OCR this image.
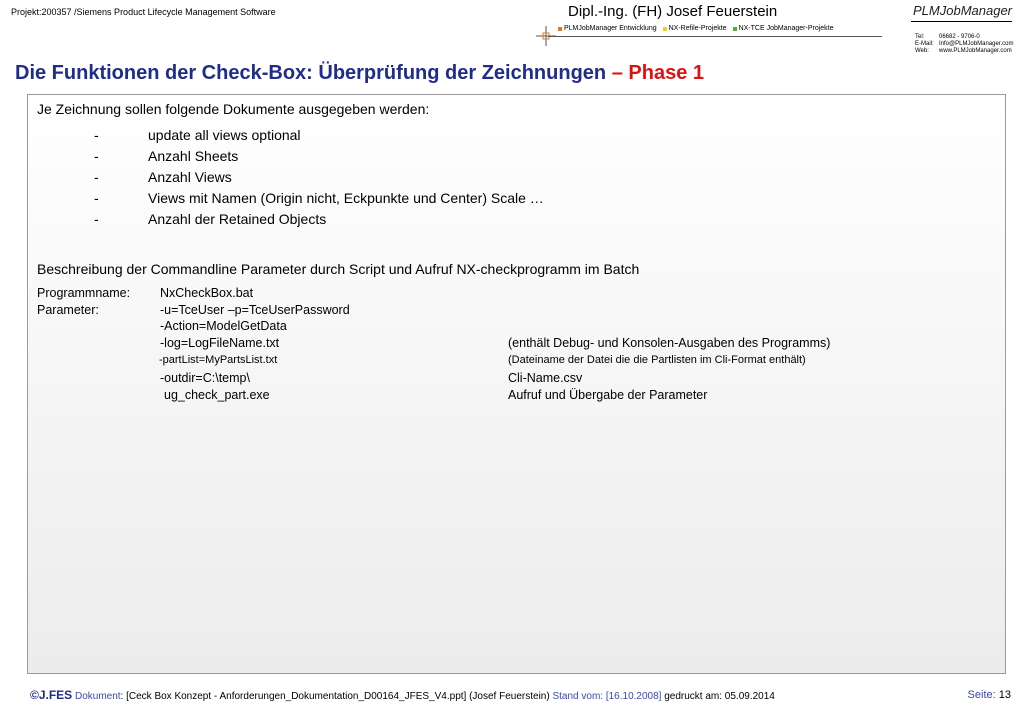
Projekt:200357 /Siemens Product Lifecycle Management Software	Dipl.-Ing. (FH) Josef Feuerstein
PLMJobManager Entwicklung NX-Refile-Projekte NX-TCE JobManager-Projekte
PLMJobManager
Tel: 06682 - 9706-0
E-Mail: Info@PLMJobManager.com
Web: www.PLMJobManager.com
Die Funktionen der Check-Box: Überprüfung der Zeichnungen – Phase 1
Je Zeichnung sollen folgende Dokumente ausgegeben werden:
-	update all views optional
-	Anzahl Sheets
-	Anzahl Views
-	Views mit Namen (Origin nicht, Eckpunkte und Center) Scale …
-	Anzahl der Retained Objects
Beschreibung der Commandline Parameter durch Script und Aufruf NX-checkprogramm im Batch
Programmname: NxCheckBox.bat
Parameter:	-u=TceUser –p=TceUserPassword
-Action=ModelGetData
-log=LogFileName.txt	(enthält Debug- und Konsolen-Ausgaben des Programms)
-partList=MyPartsList.txt	(Dateiname der Datei die die Partlisten im Cli-Format enthält)
-outdir=C:\temp\	Cli-Name.csv
ug_check_part.exe	Aufruf und Übergabe der Parameter
©J.FES Dokument: [Ceck Box Konzept - Anforderungen_Dokumentation_D00164_JFES_V4.ppt] (Josef Feuerstein) Stand vom: [16.10.2008] gedruckt am: 05.09.2014	Seite: 13
